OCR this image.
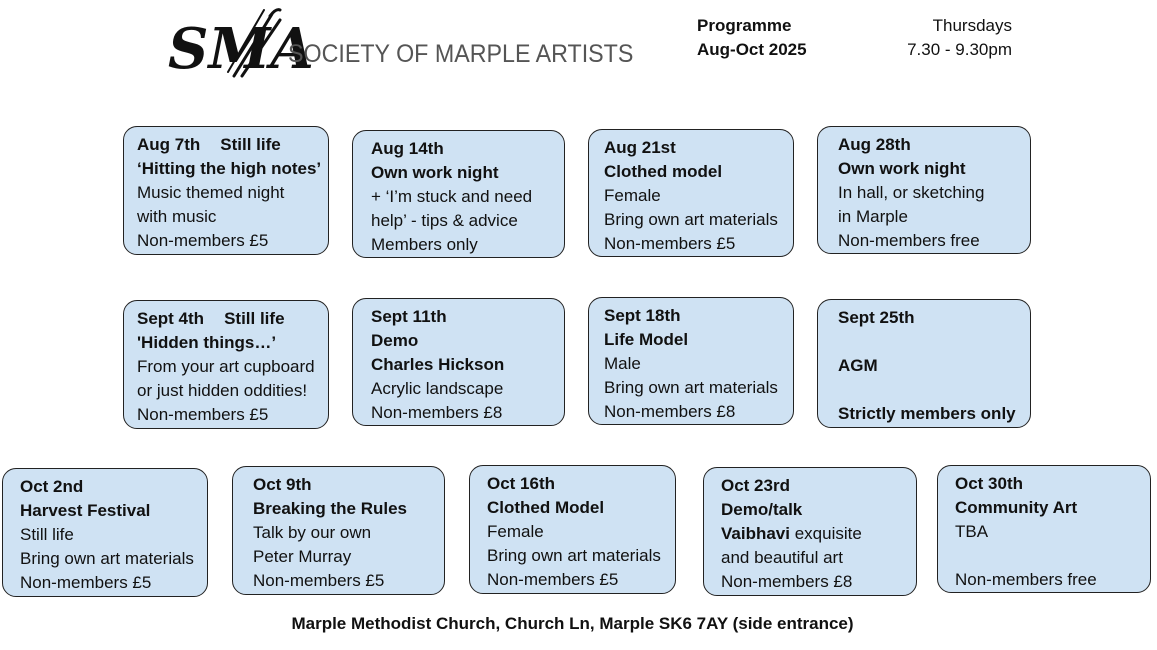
SMA
SOCIETY OF MARPLE ARTISTS
Programme
Aug-Oct 2025
Thursdays
7.30 - 9.30pm
Aug 7th Still life
‘Hitting the high notes’
Music themed night
with music
Non-members £5
Aug 14th
Own work night
+ ‘I’m stuck and need
help’ - tips & advice
Members only
Aug 21st
Clothed model
Female
Bring own art materials
Non-members £5
Aug 28th
Own work night
In hall, or sketching
in Marple
Non-members free
Sept 4th Still life
'Hidden things…’
From your art cupboard
or just hidden oddities!
Non-members £5
Sept 11th
Demo
Charles Hickson
Acrylic landscape
Non-members £8
Sept 18th
Life Model
Male
Bring own art materials
Non-members £8
Sept 25th
AGM
Strictly members only
Oct 2nd
Harvest Festival
Still life
Bring own art materials
Non-members £5
Oct 9th
Breaking the Rules
Talk by our own
Peter Murray
Non-members £5
Oct 16th
Clothed Model
Female
Bring own art materials
Non-members £5
Oct 23rd
Demo/talk
Vaibhavi exquisite
and beautiful art
Non-members £8
Oct 30th
Community Art
TBA
Non-members free
Marple Methodist Church, Church Ln, Marple SK6 7AY (side entrance)
